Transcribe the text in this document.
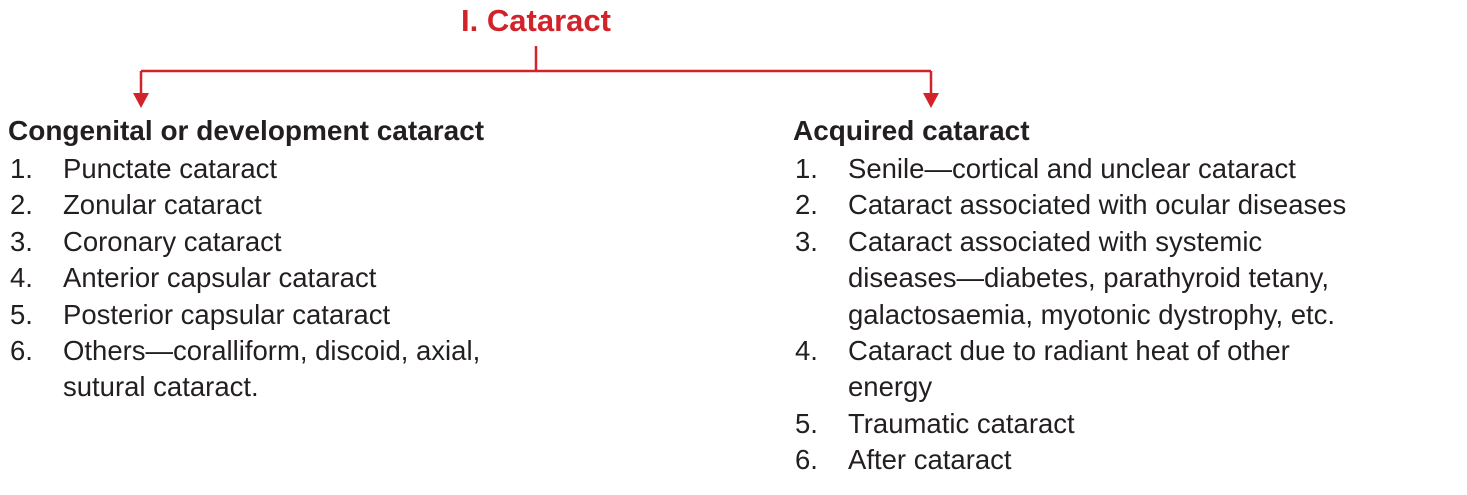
I. Cataract
Congenital or development cataract
1. Punctate cataract
2. Zonular cataract
3. Coronary cataract
4. Anterior capsular cataract
5. Posterior capsular cataract
6. Others—coralliform, discoid, axial,
sutural cataract.
Acquired cataract
1. Senile—cortical and unclear cataract
2. Cataract associated with ocular diseases
3. Cataract associated with systemic
diseases—diabetes, parathyroid tetany,
galactosaemia, myotonic dystrophy, etc.
4. Cataract due to radiant heat of other
energy
5. Traumatic cataract
6. After cataract
